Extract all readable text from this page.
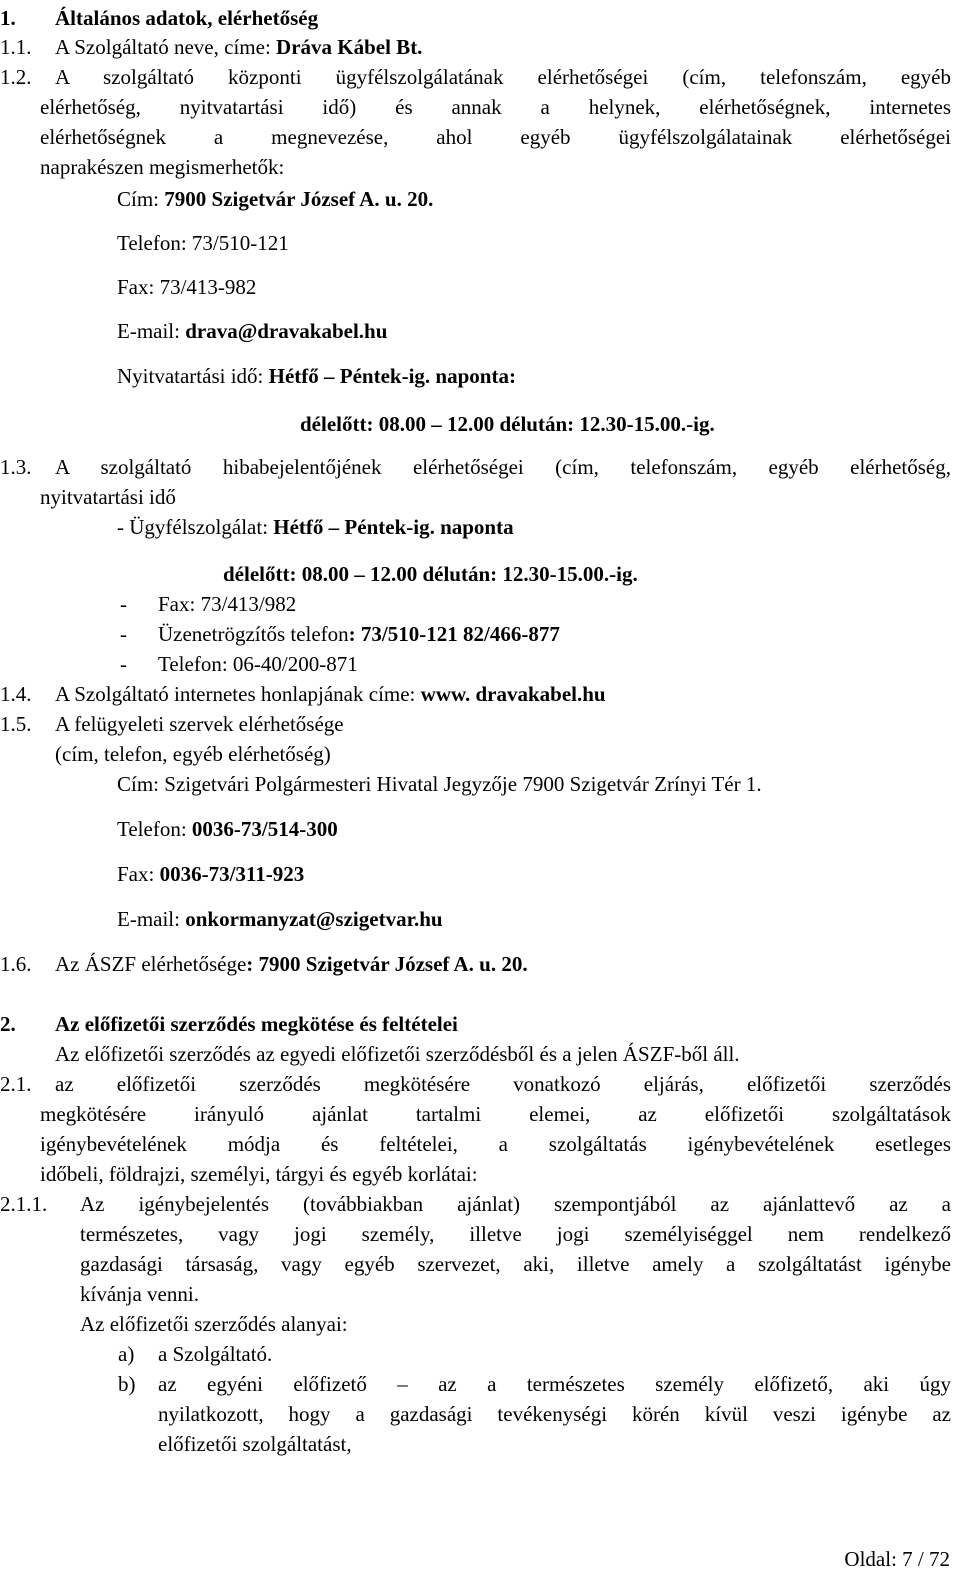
1. Általános adatok, elérhetőség
1.1. A Szolgáltató neve, címe: Dráva Kábel Bt.
1.2. A szolgáltató központi ügyfélszolgálatának elérhetőségei (cím, telefonszám, egyéb
elérhetőség, nyitvatartási idő) és annak a helynek, elérhetőségnek, internetes
elérhetőségnek a megnevezése, ahol egyéb ügyfélszolgálatainak elérhetőségei
naprakészen megismerhetők:
Cím: 7900 Szigetvár József A. u. 20.
Telefon: 73/510-121
Fax: 73/413-982
E-mail: drava@dravakabel.hu
Nyitvatartási idő: Hétfő – Péntek-ig. naponta:
délelőtt: 08.00 – 12.00 délután: 12.30-15.00.-ig.
1.3. A szolgáltató hibabejelentőjének elérhetőségei (cím, telefonszám, egyéb elérhetőség,
nyitvatartási idő
- Ügyfélszolgálat: Hétfő – Péntek-ig. naponta
délelőtt: 08.00 – 12.00 délután: 12.30-15.00.-ig.
- Fax: 73/413/982
- Üzenetrögzítős telefon: 73/510-121 82/466-877
- Telefon: 06-40/200-871
1.4. A Szolgáltató internetes honlapjának címe: www. dravakabel.hu
1.5. A felügyeleti szervek elérhetősége
(cím, telefon, egyéb elérhetőség)
Cím: Szigetvári Polgármesteri Hivatal Jegyzője 7900 Szigetvár Zrínyi Tér 1.
Telefon: 0036-73/514-300
Fax: 0036-73/311-923
E-mail: onkormanyzat@szigetvar.hu
1.6. Az ÁSZF elérhetősége: 7900 Szigetvár József A. u. 20.
2. Az előfizetői szerződés megkötése és feltételei
Az előfizetői szerződés az egyedi előfizetői szerződésből és a jelen ÁSZF-ből áll.
2.1. az előfizetői szerződés megkötésére vonatkozó eljárás, előfizetői szerződés
megkötésére irányuló ajánlat tartalmi elemei, az előfizetői szolgáltatások
igénybevételének módja és feltételei, a szolgáltatás igénybevételének esetleges
időbeli, földrajzi, személyi, tárgyi és egyéb korlátai:
2.1.1. Az igénybejelentés (továbbiakban ajánlat) szempontjából az ajánlattevő az a
természetes, vagy jogi személy, illetve jogi személyiséggel nem rendelkező
gazdasági társaság, vagy egyéb szervezet, aki, illetve amely a szolgáltatást igénybe
kívánja venni.
Az előfizetői szerződés alanyai:
a) a Szolgáltató.
b) az egyéni előfizető – az a természetes személy előfizető, aki úgy
nyilatkozott, hogy a gazdasági tevékenységi körén kívül veszi igénybe az
előfizetői szolgáltatást,
Oldal: 7 / 72
